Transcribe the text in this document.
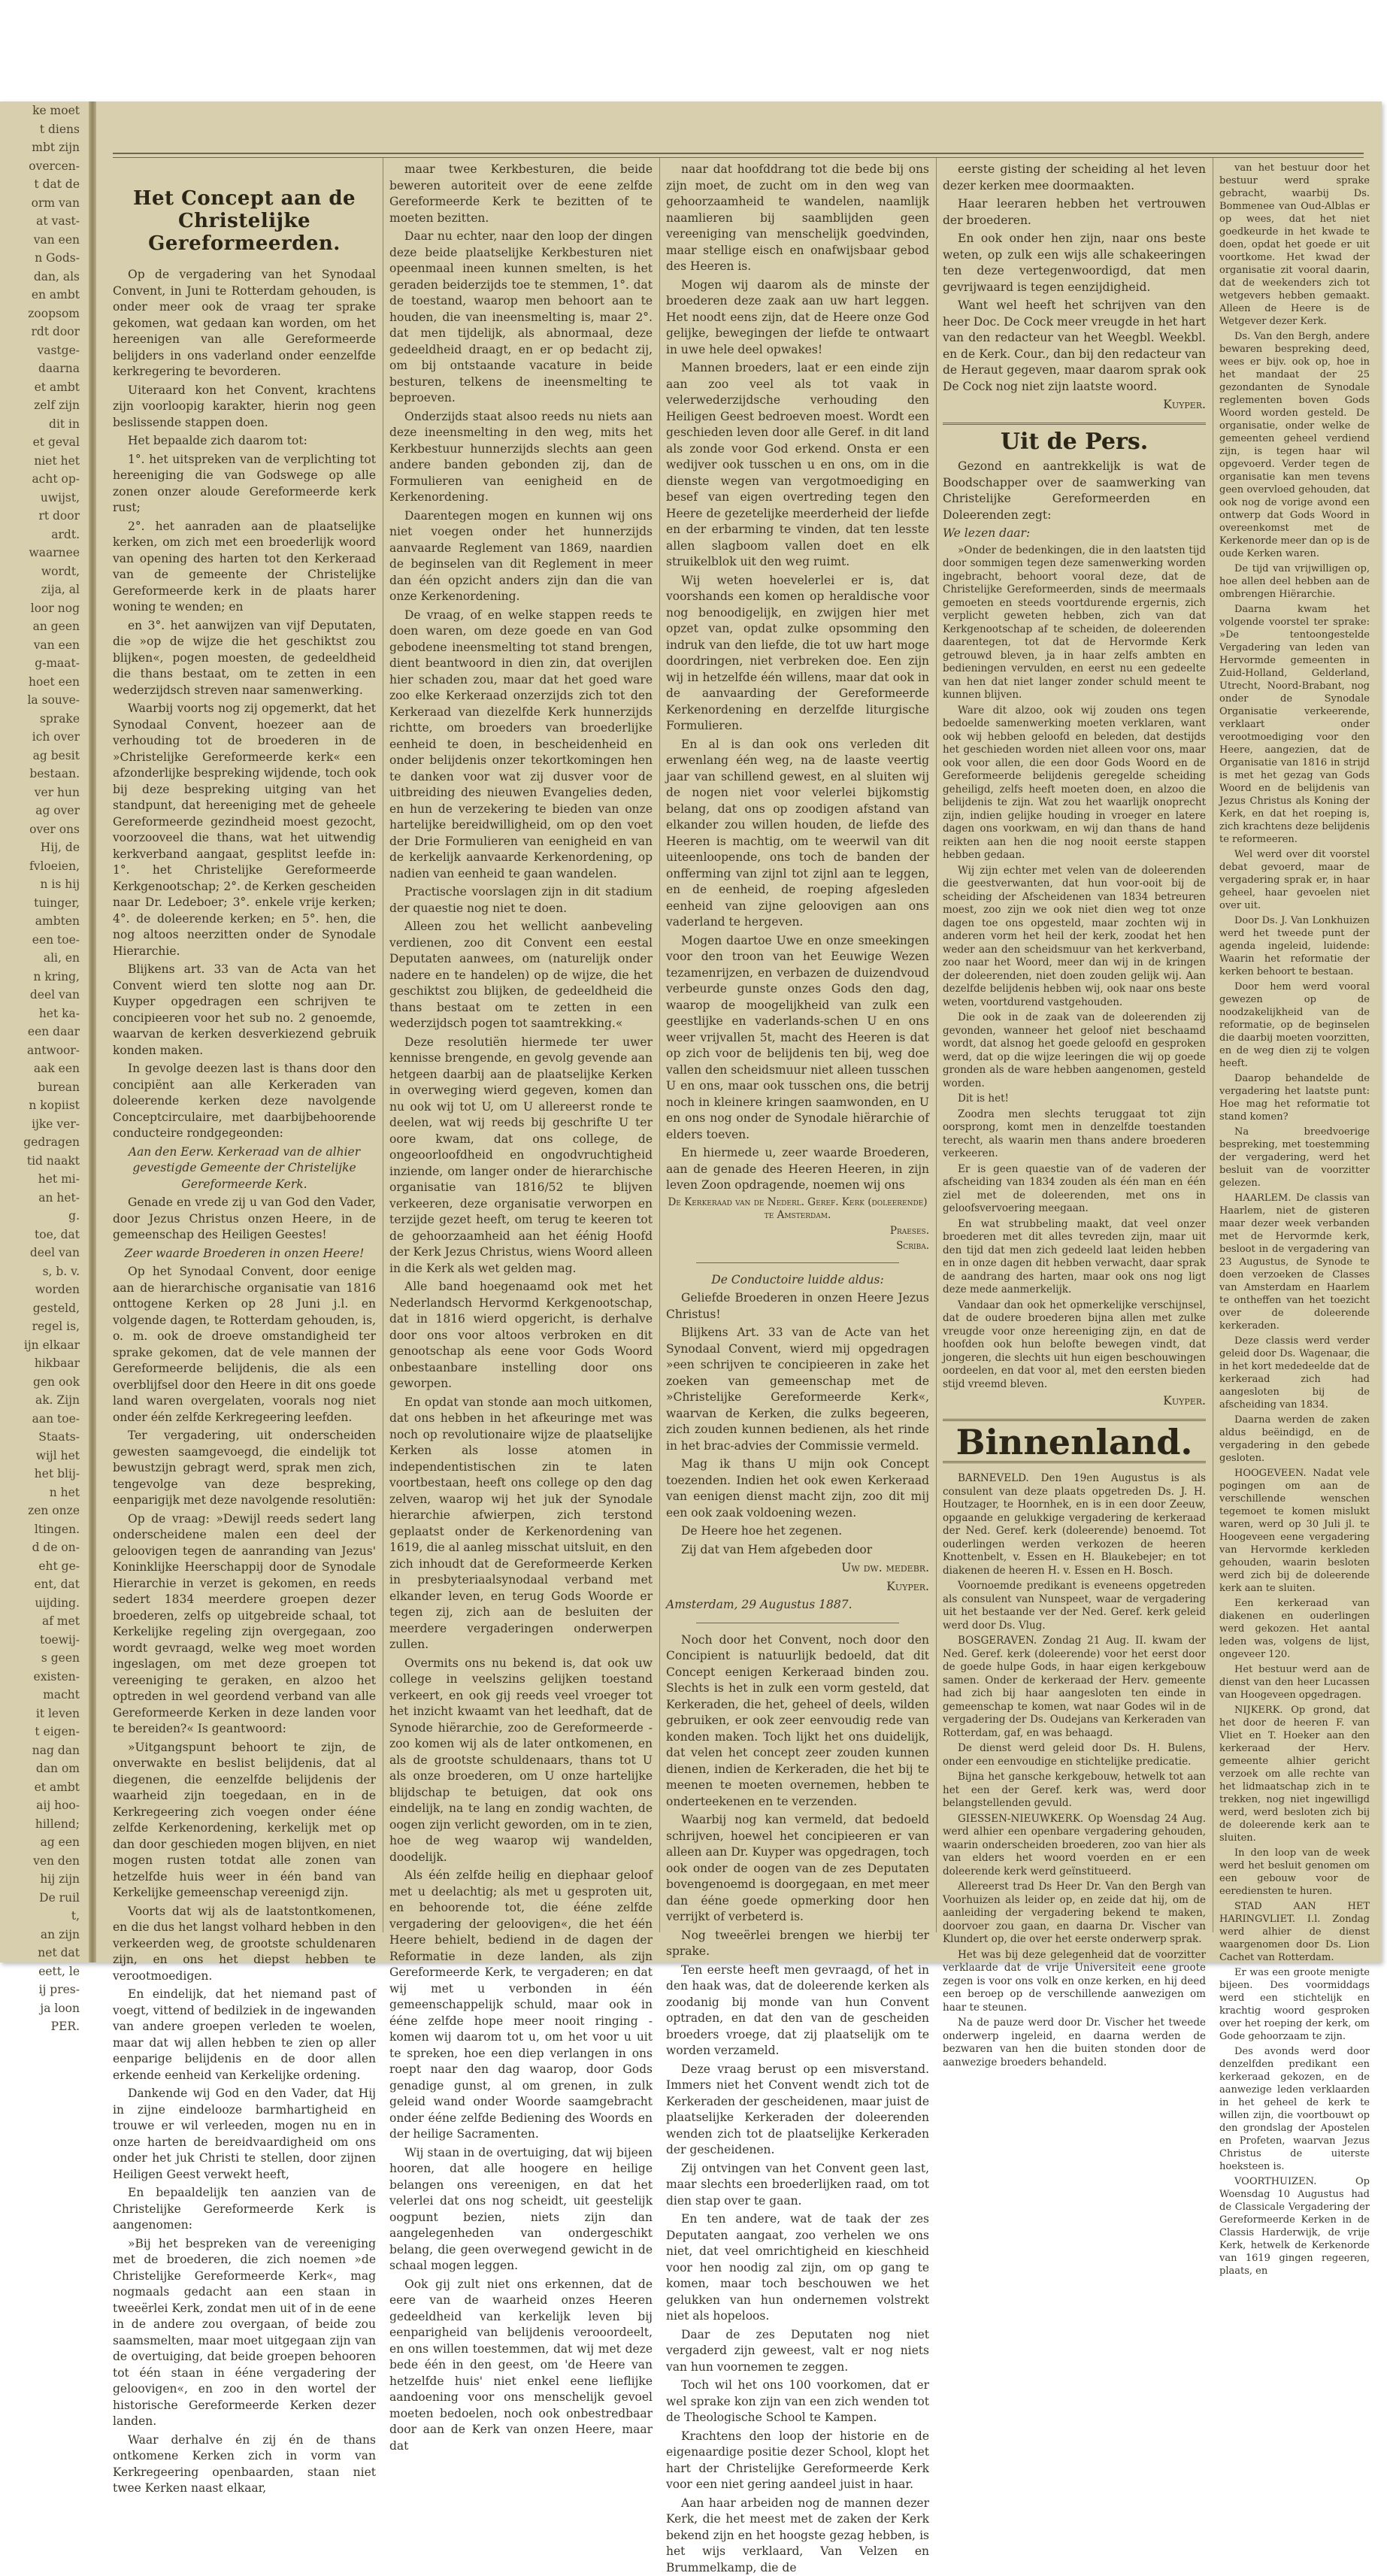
ke moet
t diens
mbt zijn
overcen-
t dat de
orm van
at vast-
van een
n Gods-
dan, als
en ambt
zoopsom
rdt door
vastge-
daarna
et ambt
zelf zijn
dit in
et geval
niet het
acht op-
uwijst,
rt door
ardt.
waarnee
wordt,
zija, al
loor nog
an geen
van een
g-maat-
hoet een
la souve-
sprake
ich over
ag besit
bestaan.
ver hun
ag over
over ons
Hij, de
fvloeien,
n is hij
tuinger,
ambten
een toe-
ali, en
n kring,
deel van
het ka-
een daar
antwoor-
aak een
burean
n kopiist
ijke ver-
gedragen
tid naakt
het mi-
an het-
g.
toe, dat
deel van
s, b. v.
worden
gesteld,
regel is,
ijn elkaar
hikbaar
gen ook
ak. Zijn
aan toe-
Staats-
wijl het
het blij-
n het
zen onze
ltingen.
d de on-
eht ge-
ent, dat
uijding.
af met
toewij-
s geen
existen-
macht
it leven
t eigen-
nag dan
dan om
et ambt
aij hoo-
hillend;
ag een
ven den
hij zijn
De ruil
t,
an zijn
net dat
eett, le
ij pres-
ja loon
PER.
Het Concept aan de Christelijke Gereformeerden.

Op de vergadering van het Synodaal Convent, in Juni te Rotterdam gehouden, is onder meer ook de vraag ter sprake gekomen, wat gedaan kan worden, om het hereenigen van alle Gereformeerde belijders in ons vaderland onder eenzelfde kerkregering te bevorderen.

Uiteraard kon het Convent, krachtens zijn voorloopig karakter, hierin nog geen beslissende stappen doen.

Het bepaalde zich daarom tot:

1°. het uitspreken van de verplichting tot hereeniging die van Godswege op alle zonen onzer aloude Gereformeerde kerk rust;

2°. het aanraden aan de plaatselijke kerken, om zich met een broederlijk woord van opening des harten tot den Kerkeraad van de gemeente der Christelijke Gereformeerde kerk in de plaats harer woning te wenden; en

en 3°. het aanwijzen van vijf Deputaten, die »op de wijze die het geschiktst zou blijken«, pogen moesten, de gedeeldheid die thans bestaat, om te zetten in een wederzijdsch streven naar samenwerking.

Waarbij voorts nog zij opgemerkt, dat het Synodaal Convent, hoezeer aan de verhouding tot de broederen in de »Christelijke Gereformeerde kerk« een afzonderlijke bespreking wijdende, toch ook bij deze bespreking uitging van het standpunt, dat hereeniging met de geheele Gereformeerde gezindheid moest gezocht, voorzooveel die thans, wat het uitwendig kerkverband aangaat, gesplitst leefde in: 1°. het Christelijke Gereformeerde Kerkgenootschap; 2°. de Kerken gescheiden naar Dr. Ledeboer; 3°. enkele vrije kerken; 4°. de doleerende kerken; en 5°. hen, die nog altoos neerzitten onder de Synodale Hierarchie.

Blijkens art. 33 van de Acta van het Convent wierd ten slotte nog aan Dr. Kuyper opgedragen een schrijven te concipieeren voor het sub no. 2 genoemde, waarvan de kerken desverkiezend gebruik konden maken.

In gevolge deezen last is thans door den concipiënt aan alle Kerkeraden van doleerende kerken deze navolgende Conceptcirculaire, met daarbijbehoorende conducteire rondgegeonden:

Aan den Eerw. Kerkeraad van de alhier gevestigde Gemeente der Christelijke Gereformeerde Kerk.

Genade en vrede zij u van God den Vader, door Jezus Christus onzen Heere, in de gemeenschap des Heiligen Geestes!

Zeer waarde Broederen in onzen Heere!

Op het Synodaal Convent, door eenige aan de hierarchische organisatie van 1816 onttogene Kerken op 28 Juni j.l. en volgende dagen, te Rotterdam gehouden, is, o. m. ook de droeve omstandigheid ter sprake gekomen, dat de vele mannen der Gereformeerde belijdenis, die als een overblijfsel door den Heere in dit ons goede land waren overgelaten, voorals nog niet onder één zelfde Kerkregeering leefden.

Ter vergadering, uit onderscheiden gewesten saamgevoegd, die eindelijk tot bewustzijn gebragt werd, sprak men zich, tengevolge van deze bespreking, eenparigijk met deze navolgende resolutiën:

Op de vraag: »Dewijl reeds sedert lang onderscheidene malen een deel der geloovigen tegen de aanranding van Jezus' Koninklijke Heerschappij door de Synodale Hierarchie in verzet is gekomen, en reeds sedert 1834 meerdere groepen dezer broederen, zelfs op uitgebreide schaal, tot Kerkelijke regeling zijn overgegaan, zoo wordt gevraagd, welke weg moet worden ingeslagen, om met deze groepen tot vereeniging te geraken, en alzoo het optreden in wel geordend verband van alle Gereformeerde Kerken in deze landen voor te bereiden?« Is geantwoord:

»Uitgangspunt behoort te zijn, de onverwakte en beslist belijdenis, dat al diegenen, die eenzelfde belijdenis der waarheid zijn toegedaan, en in de Kerkregeering zich voegen onder ééne zelfde Kerkenordening, kerkelijk met op dan door geschieden mogen blijven, en niet mogen rusten totdat alle zonen van hetzelfde huis weer in één band van Kerkelijke gemeenschap vereenigd zijn.

Voorts dat wij als de laatstontkomenen, en die dus het langst volhard hebben in den verkeerden weg, de grootste schuldenaren zijn, en ons het diepst hebben te verootmoedigen.

En eindelijk, dat het niemand past of voegt, vittend of bedilziek in de ingewanden van andere groepen verleden te woelen, maar dat wij allen hebben te zien op aller eenparige belijdenis en de door allen erkende eenheid van Kerkelijke ordening.

Dankende wij God en den Vader, dat Hij in zijne eindelooze barmhartigheid en trouwe er wil verleeden, mogen nu en in onze harten de bereidvaardigheid om ons onder het juk Christi te stellen, door zijnen Heiligen Geest verwekt heeft,

En bepaaldelijk ten aanzien van de Christelijke Gereformeerde Kerk is aangenomen:

»Bij het bespreken van de vereeniging met de broederen, die zich noemen »de Christelijke Gereformeerde Kerk«, mag nogmaals gedacht aan een staan in tweeërlei Kerk, zondat men uit of in de eene in de andere zou overgaan, of beide zou saamsmelten, maar moet uitgegaan zijn van de overtuiging, dat beide groepen behooren tot één staan in ééne vergadering der geloovigen«, en zoo in den wortel der historische Gereformeerde Kerken dezer landen.

Waar derhalve én zij én de thans ontkomene Kerken zich in vorm van Kerkregeering openbaarden, staan niet twee Kerken naast elkaar,

maar twee Kerkbesturen, die beide beweren autoriteit over de eene zelfde Gereformeerde Kerk te bezitten of te moeten bezitten.

Daar nu echter, naar den loop der dingen deze beide plaatselijke Kerkbesturen niet opeenmaal ineen kunnen smelten, is het geraden beiderzijds toe te stemmen, 1°. dat de toestand, waarop men behoort aan te houden, die van ineensmelting is, maar 2°. dat men tijdelijk, als abnormaal, deze gedeeldheid draagt, en er op bedacht zij, om bij ontstaande vacature in beide besturen, telkens de ineensmelting te beproeven.

Onderzijds staat alsoo reeds nu niets aan deze ineensmelting in den weg, mits het Kerkbestuur hunnerzijds slechts aan geen andere banden gebonden zij, dan de Formulieren van eenigheid en de Kerkenordening.

Daarentegen mogen en kunnen wij ons niet voegen onder het hunnerzijds aanvaarde Reglement van 1869, naardien de beginselen van dit Reglement in meer dan één opzicht anders zijn dan die van onze Kerkenordening.

De vraag, of en welke stappen reeds te doen waren, om deze goede en van God gebodene ineensmelting tot stand brengen, dient beantwoord in dien zin, dat overijlen hier schaden zou, maar dat het goed ware zoo elke Kerkeraad onzerzijds zich tot den Kerkeraad van diezelfde Kerk hunnerzijds richtte, om broeders van broederlijke eenheid te doen, in bescheidenheid en onder belijdenis onzer tekortkomingen hen te danken voor wat zij dusver voor de uitbreiding des nieuwen Evangelies deden, en hun de verzekering te bieden van onze hartelijke bereidwilligheid, om op den voet der Drie Formulieren van eenigheid en van de kerkelijk aanvaarde Kerkenordening, op nadien van eenheid te gaan wandelen.

Practische voorslagen zijn in dit stadium der quaestie nog niet te doen.

Alleen zou het wellicht aanbeveling verdienen, zoo dit Convent een eestal Deputaten aanwees, om (naturelijk onder nadere en te handelen) op de wijze, die het geschiktst zou blijken, de gedeeldheid die thans bestaat om te zetten in een wederzijdsch pogen tot saamtrekking.«

Deze resolutiën hiermede ter uwer kennisse brengende, en gevolg gevende aan hetgeen daarbij aan de plaatselijke Kerken in overweging wierd gegeven, komen dan nu ook wij tot U, om U allereerst ronde te deelen, wat wij reeds bij geschrifte U ter oore kwam, dat ons college, de ongeoorloofdheid en ongodvruchtigheid inziende, om langer onder de hierarchische organisatie van 1816/52 te blijven verkeeren, deze organisatie verworpen en terzijde gezet heeft, om terug te keeren tot de gehoorzaamheid aan het éénig Hoofd der Kerk Jezus Christus, wiens Woord alleen in die Kerk als wet gelden mag.

Alle band hoegenaamd ook met het Nederlandsch Hervormd Kerkgenootschap, dat in 1816 wierd opgericht, is derhalve door ons voor altoos verbroken en dit genootschap als eene voor Gods Woord onbestaanbare instelling door ons geworpen.

En opdat van stonde aan moch uitkomen, dat ons hebben in het afkeuringe met was noch op revolutionaire wijze de plaatselijke Kerken als losse atomen in independentistischen zin te laten voortbestaan, heeft ons college op den dag zelven, waarop wij het juk der Synodale hierarchie afwierpen, zich terstond geplaatst onder de Kerkenordening van 1619, die al aanleg misschat uitsluit, en den zich inhoudt dat de Gereformeerde Kerken in presbyteriaalsynodaal verband met elkander leven, en terug Gods Woorde er tegen zij, zich aan de besluiten der meerdere vergaderingen onderwerpen zullen.

Overmits ons nu bekend is, dat ook uw college in veelszins gelijken toestand verkeert, en ook gij reeds veel vroeger tot het inzicht kwaamt van het leedhaft, dat de Synode hiërarchie, zoo de Gereformeerde - zoo komen wij als de later ontkomenen, en als de grootste schuldenaars, thans tot U als onze broederen, om U onze hartelijke blijdschap te betuigen, dat ook ons eindelijk, na te lang en zondig wachten, de oogen zijn verlicht geworden, om in te zien, hoe de weg waarop wij wandelden, doodelijk.

Als één zelfde heilig en diephaar geloof met u deelachtig; als met u gesproten uit, en behoorende tot, die ééne zelfde vergadering der geloovigen«, die het één Heere behielt, bediend in de dagen der Reformatie in deze landen, als zijn Gereformeerde Kerk, te vergaderen; en dat wij met u verbonden in één gemeenschappelijk schuld, maar ook in ééne zelfde hope meer nooit ringing - komen wij daarom tot u, om het voor u uit te spreken, hoe een diep verlangen in ons roept naar den dag waarop, door Gods genadige gunst, al om grenen, in zulk geleid wand onder Woorde saamgebracht onder ééne zelfde Bediening des Woords en der heilige Sacramenten.

Wij staan in de overtuiging, dat wij bijeen hooren, dat alle hoogere en heilige belangen ons vereenigen, en dat het velerlei dat ons nog scheidt, uit geestelijk oogpunt bezien, niets zijn dan aangelegenheden van ondergeschikt belang, die geen overwegend gewicht in de schaal mogen leggen.

Ook gij zult niet ons erkennen, dat de eere van de waarheid onzes Heeren gedeeldheid van kerkelijk leven bij eenparigheid van belijdenis verooordeelt, en ons willen toestemmen, dat wij met deze bede één in den geest, om 'de Heere van hetzelfde huis' niet enkel eene lieflijke aandoening voor ons menschelijk gevoel moeten bedoelen, noch ook onbestredbaar door aan de Kerk van onzen Heere, maar dat

naar dat hoofddrang tot die bede bij ons zijn moet, de zucht om in den weg van gehoorzaamheid te wandelen, naamlijk naamlieren bij saamblijden geen vereeniging van menschelijk goedvinden, maar stellige eisch en onafwijsbaar gebod des Heeren is.

Mogen wij daarom als de minste der broederen deze zaak aan uw hart leggen. Het noodt eens zijn, dat de Heere onze God gelijke, bewegingen der liefde te ontwaart in uwe hele deel opwakes!

Mannen broeders, laat er een einde zijn aan zoo veel als tot vaak in velerwederzijdsche verhouding den Heiligen Geest bedroeven moest. Wordt een geschieden leven door alle Geref. in dit land als zonde voor God erkend. Onsta er een wedijver ook tusschen u en ons, om in die dienste wegen van vergotmoediging en besef van eigen overtreding tegen den Heere de gezetelijke meerderheid der liefde en der erbarming te vinden, dat ten lesste allen slagboom vallen doet en elk struikelblok uit den weg ruimt.

Wij weten hoevelerlei er is, dat voorshands een komen op heraldische voor nog benoodigelijk, en zwijgen hier met opzet van, opdat zulke opsomming den indruk van den liefde, die tot uw hart moge doordringen, niet verbreken doe. Een zijn wij in hetzelfde één willens, maar dat ook in de aanvaarding der Gereformeerde Kerkenordening en derzelfde liturgische Formulieren.

En al is dan ook ons verleden dit erwenlang één weg, na de laaste veertig jaar van schillend gewest, en al sluiten wij de nogen niet voor velerlei bijkomstig belang, dat ons op zoodigen afstand van elkander zou willen houden, de liefde des Heeren is machtig, om te weerwil van dit uiteenloopende, ons toch de banden der onfferming van zijnl tot zijnl aan te leggen, en de eenheid, de roeping afgesleden eenheid van zijne geloovigen aan ons vaderland te hergeven.

Mogen daartoe Uwe en onze smeekingen voor den troon van het Eeuwige Wezen tezamenrijzen, en verbazen de duizendvoud verbeurde gunste onzes Gods den dag, waarop de moogelijkheid van zulk een geestlijke en vaderlands-schen U en ons weer vrijvallen 5t, macht des Heeren is dat op zich voor de belijdenis ten bij, weg doe vallen den scheidsmuur niet alleen tusschen U en ons, maar ook tusschen ons, die betrij noch in kleinere kringen saamwonden, en U en ons nog onder de Synodale hiërarchie of elders toeven.

En hiermede u, zeer waarde Broederen, aan de genade des Heeren Heeren, in zijn leven Zoon opdragende, noemen wij ons

De Kerkeraad van de Nederl. Geref. Kerk (doleerende) te Amsterdam.

Praeses.

Scriba.

De Conductoire luidde aldus:

Geliefde Broederen in onzen Heere Jezus Christus!

Blijkens Art. 33 van de Acte van het Synodaal Convent, wierd mij opgedragen »een schrijven te concipieeren in zake het zoeken van gemeenschap met de »Christelijke Gereformeerde Kerk«, waarvan de Kerken, die zulks begeeren, zich zouden kunnen bedienen, als het rinde in het brac-advies der Commissie vermeld.

Mag ik thans U mijn ook Concept toezenden. Indien het ook ewen Kerkeraad van eenigen dienst macht zijn, zoo dit mij een ook zaak voldoening wezen.

De Heere hoe het zegenen.

Zij dat van Hem afgebeden door

Uw dw. medebr.

Kuyper.

Amsterdam, 29 Augustus 1887.

Noch door het Convent, noch door den Concipient is natuurlijk bedoeld, dat dit Concept eenigen Kerkeraad binden zou. Slechts is het in zulk een vorm gesteld, dat Kerkeraden, die het, geheel of deels, wilden gebruiken, er ook zeer eenvoudig rede van konden maken. Toch lijkt het ons duidelijk, dat velen het concept zeer zouden kunnen dienen, indien de Kerkeraden, die het bij te meenen te moeten overnemen, hebben te onderteekenen en te verzenden.

Waarbij nog kan vermeld, dat bedoeld schrijven, hoewel het concipieeren er van alleen aan Dr. Kuyper was opgedragen, toch ook onder de oogen van de zes Deputaten bovengenoemd is doorgegaan, en met meer dan ééne goede opmerking door hen verrijkt of verbeterd is.

Nog tweeërlei brengen we hierbij ter sprake.

Ten eerste heeft men gevraagd, of het in den haak was, dat de doleerende kerken als zoodanig bij monde van hun Convent optraden, en dat den van de gescheiden broeders vroege, dat zij plaatselijk om te worden verzameld.

Deze vraag berust op een misverstand. Immers niet het Convent wendt zich tot de Kerkeraden der gescheidenen, maar juist de plaatselijke Kerkeraden der doleerenden wenden zich tot de plaatselijke Kerkeraden der gescheidenen.

Zij ontvingen van het Convent geen last, maar slechts een broederlijken raad, om tot dien stap over te gaan.

En ten andere, wat de taak der zes Deputaten aangaat, zoo verhelen we ons niet, dat veel omrichtigheid en kieschheid voor hen noodig zal zijn, om op gang te komen, maar toch beschouwen we het gelukken van hun ondernemen volstrekt niet als hopeloos.

Daar de zes Deputaten nog niet vergaderd zijn geweest, valt er nog niets van hun voornemen te zeggen.

Toch wil het ons 100 voorkomen, dat er wel sprake kon zijn van een zich wenden tot de Theologische School te Kampen.

Krachtens den loop der historie en de eigenaardige positie dezer School, klopt het hart der Christelijke Gereformeerde Kerk voor een niet gering aandeel juist in haar.

Aan haar arbeiden nog de mannen dezer Kerk, die het meest met de zaken der Kerk bekend zijn en het hoogste gezag hebben, is het wijs verklaard, Van Velzen en Brummelkamp, die de

eerste gisting der scheiding al het leven dezer kerken mee doormaakten.

Haar leeraren hebben het vertrouwen der broederen.

En ook onder hen zijn, naar ons beste weten, op zulk een wijs alle schakeeringen ten deze vertegenwoordigd, dat men gevrijwaard is tegen eenzijdigheid.

Want wel heeft het schrijven van den heer Doc. De Cock meer vreugde in het hart van den redacteur van het Weegbl. Weekbl. en de Kerk. Cour., dan bij den redacteur van de Heraut gegeven, maar daarom sprak ook De Cock nog niet zijn laatste woord.

Kuyper.

Uit de Pers.

Gezond en aantrekkelijk is wat de Boodschapper over de saamwerking van Christelijke Gereformeerden en Doleerenden zegt:

We lezen daar:

»Onder de bedenkingen, die in den laatsten tijd door sommigen tegen deze samenwerking worden ingebracht, behoort vooral deze, dat de Christelijke Gereformeerden, sinds de meermaals gemoeten en steeds voortdurende ergernis, zich verplicht geweten hebben, zich van dat Kerkgenootschap af te scheiden, de doleerenden daarentegen, tot dat de Hervormde Kerk getrouwd bleven, ja in haar zelfs ambten en bedieningen vervulden, en eerst nu een gedeelte van hen dat niet langer zonder schuld meent te kunnen blijven.

Ware dit alzoo, ook wij zouden ons tegen bedoelde samenwerking moeten verklaren, want ook wij hebben geloofd en beleden, dat destijds het geschieden worden niet alleen voor ons, maar ook voor allen, die een door Gods Woord en de Gereformeerde belijdenis geregelde scheiding geheiligd, zelfs heeft moeten doen, en alzoo die belijdenis te zijn. Wat zou het waarlijk onoprecht zijn, indien gelijke houding in vroeger en latere dagen ons voorkwam, en wij dan thans de hand reikten aan hen die nog nooit eerste stappen hebben gedaan.

Wij zijn echter met velen van de doleerenden die geestverwanten, dat hun voor-ooit bij de scheiding der Afscheidenen van 1834 betreuren moest, zoo zijn we ook niet dien weg tot onze dagen toe ons opgesteld, maar zochten wij in anderen vorm het heil der kerk, zoodat het hen weder aan den scheidsmuur van het kerkverband, zoo naar het Woord, meer dan wij in de kringen der doleerenden, niet doen zouden gelijk wij. Aan dezelfde belijdenis hebben wij, ook naar ons beste weten, voortdurend vastgehouden.

Die ook in de zaak van de doleerenden zij gevonden, wanneer het geloof niet beschaamd wordt, dat alsnog het goede geloofd en gesproken werd, dat op die wijze leeringen die wij op goede gronden als de ware hebben aangenomen, gesteld worden.

Dit is het!

Zoodra men slechts teruggaat tot zijn oorsprong, komt men in denzelfde toestanden terecht, als waarin men thans andere broederen verkeeren.

Er is geen quaestie van of de vaderen der afscheiding van 1834 zouden als één man en één ziel met de doleerenden, met ons in geloofsvervoering meegaan.

En wat strubbeling maakt, dat veel onzer broederen met dit alles tevreden zijn, maar uit den tijd dat men zich gedeeld laat leiden hebben en in onze dagen dit hebben verwacht, daar sprak de aandrang des harten, maar ook ons nog ligt deze mede aanmerkelijk.

Vandaar dan ook het opmerkelijke verschijnsel, dat de oudere broederen bijna allen met zulke vreugde voor onze hereeniging zijn, en dat de hoofden ook hun belofte bewegen vindt, dat jongeren, die slechts uit hun eigen beschouwingen oordeelen, en dat voor al, met den eersten bieden stijd vreemd bleven.

Kuyper.

Binnenland.

BARNEVELD. Den 19en Augustus is als consulent van deze plaats opgetreden Ds. J. H. Houtzager, te Hoornhek, en is in een door Zeeuw, opgaande en gelukkige vergadering de kerkeraad der Ned. Geref. kerk (doleerende) benoemd. Tot ouderlingen werden verkozen de heeren Knottenbelt, v. Essen en H. Blaukebejer; en tot diakenen de heeren H. v. Essen en H. Bosch.

Voornoemde predikant is eveneens opgetreden als consulent van Nunspeet, waar de vergadering uit het bestaande ver der Ned. Geref. kerk geleid werd door Ds. Vlug.

BOSGERAVEN. Zondag 21 Aug. II. kwam der Ned. Geref. kerk (doleerende) voor het eerst door de goede hulpe Gods, in haar eigen kerkgebouw samen. Onder de kerkeraad der Herv. gemeente had zich bij haar aangesloten ten einde in gemeenschap te komen, wat naar Godes wil in de vergadering der Ds. Oudejans van Kerkeraden van Rotterdam, gaf, en was behaagd.

De dienst werd geleid door Ds. H. Bulens, onder een eenvoudige en stichtelijke predicatie.

Bijna het gansche kerkgebouw, hetwelk tot aan het een der Geref. kerk was, werd door belangstellenden gevuld.

GIESSEN-NIEUWKERK. Op Woensdag 24 Aug. werd alhier een openbare vergadering gehouden, waarin onderscheiden broederen, zoo van hier als van elders het woord voerden en er een doleerende kerk werd geïnstitueerd.

Allereerst trad Ds Heer Dr. Van den Bergh van Voorhuizen als leider op, en zeide dat hij, om de aanleiding der vergadering bekend te maken, doorvoer zou gaan, en daarna Dr. Vischer van Klundert op, die over het eerste onderwerp sprak.

Het was bij deze gelegenheid dat de voorzitter verklaarde dat de vrije Universiteit eene groote zegen is voor ons volk en onze kerken, en hij deed een beroep op de verschillende aanwezigen om haar te steunen.

Na de pauze werd door Dr. Vischer het tweede onderwerp ingeleid, en daarna werden de bezwaren van hen die buiten stonden door de aanwezige broeders behandeld.

van het bestuur door het bestuur werd sprake gebracht, waarbij Ds. Bommenee van Oud-Alblas er op wees, dat het niet goedkeurde in het kwade te doen, opdat het goede er uit voortkome. Het kwad der organisatie zit vooral daarin, dat de weekenders zich tot wetgevers hebben gemaakt. Alleen de Heere is de Wetgever dezer Kerk.

Ds. Van den Bergh, andere bewaren bespreking deed, wees er bijv. ook op, hoe in het mandaat der 25 gezondanten de Synodale reglementen boven Gods Woord worden gesteld. De organisatie, onder welke de gemeenten geheel verdiend zijn, is tegen haar wil opgevoerd. Verder tegen de organisatie kan men tevens geen overvloed gehouden, dat ook nog de vorige avond een ontwerp dat Gods Woord in overeenkomst met de Kerkenorde meer dan op is de oude Kerken waren.

De tijd van vrijwilligen op, hoe allen deel hebben aan de ombrengen Hiërarchie.

Daarna kwam het volgende voorstel ter sprake: »De tentoongestelde Vergadering van leden van Hervormde gemeenten in Zuid-Holland, Gelderland, Utrecht, Noord-Brabant, nog onder de Synodale Organisatie verkeerende, verklaart onder verootmoediging voor den Heere, aangezien, dat de Organisatie van 1816 in strijd is met het gezag van Gods Woord en de belijdenis van Jezus Christus als Koning der Kerk, en dat het roeping is, zich krachtens deze belijdenis te reformeeren.

Wel werd over dit voorstel debat gevoerd, maar de vergadering sprak er, in haar geheel, haar gevoelen niet over uit.

Door Ds. J. Van Lonkhuizen werd het tweede punt der agenda ingeleid, luidende: Waarin het reformatie der kerken behoort te bestaan.

Door hem werd vooral gewezen op de noodzakelijkheid van de reformatie, op de beginselen die daarbij moeten voorzitten, en de weg dien zij te volgen heeft.

Daarop behandelde de vergadering het laatste punt: Hoe mag het reformatie tot stand komen?

Na breedvoerige bespreking, met toestemming der vergadering, werd het besluit van de voorzitter gelezen.

HAARLEM. De classis van Haarlem, niet de gisteren maar dezer week verbanden met de Hervormde kerk, besloot in de vergadering van 23 Augustus, de Synode te doen verzoeken de Classes van Amsterdam en Haarlem te ontheffen van het toezicht over de doleerende kerkeraden.

Deze classis werd verder geleid door Ds. Wagenaar, die in het kort mededeelde dat de kerkeraad zich had aangesloten bij de afscheiding van 1834.

Daarna werden de zaken aldus beëindigd, en de vergadering in den gebede gesloten.

HOOGEVEEN. Nadat vele pogingen om aan de verschillende wenschen tegemoet te komen mislukt waren, werd op 30 Juli jl. te Hoogeveen eene vergadering van Hervormde kerkleden gehouden, waarin besloten werd zich bij de doleerende kerk aan te sluiten.

Een kerkeraad van diakenen en ouderlingen werd gekozen. Het aantal leden was, volgens de lijst, ongeveer 120.

Het bestuur werd aan de dienst van den heer Lucassen van Hoogeveen opgedragen.

NIJKERK. Op grond, dat het door de heeren F. van Vliet en T. Hoeker aan den kerkeraad der Herv. gemeente alhier gericht verzoek om alle rechte van het lidmaatschap zich in te trekken, nog niet ingewilligd werd, werd besloten zich bij de doleerende kerk aan te sluiten.

In den loop van de week werd het besluit genomen om een gebouw voor de eerediensten te huren.

STAD AAN HET HARINGVLIET. I.l. Zondag werd alhier de dienst waargenomen door Ds. Lion Cachet van Rotterdam.

Er was een groote menigte bijeen. Des voormiddags werd een stichtelijk en krachtig woord gesproken over het roeping der kerk, om Gode gehoorzaam te zijn.

Des avonds werd door denzelfden predikant een kerkeraad gekozen, en de aanwezige leden verklaarden in het geheel de kerk te willen zijn, die voortbouwt op den grondslag der Apostelen en Profeten, waarvan Jezus Christus de uiterste hoeksteen is.

VOORTHUIZEN. Op Woensdag 10 Augustus had de Classicale Vergadering der Gereformeerde Kerken in de Classis Harderwijk, de vrije Kerk, hetwelk de Kerkenorde van 1619 gingen regeeren, plaats, en
